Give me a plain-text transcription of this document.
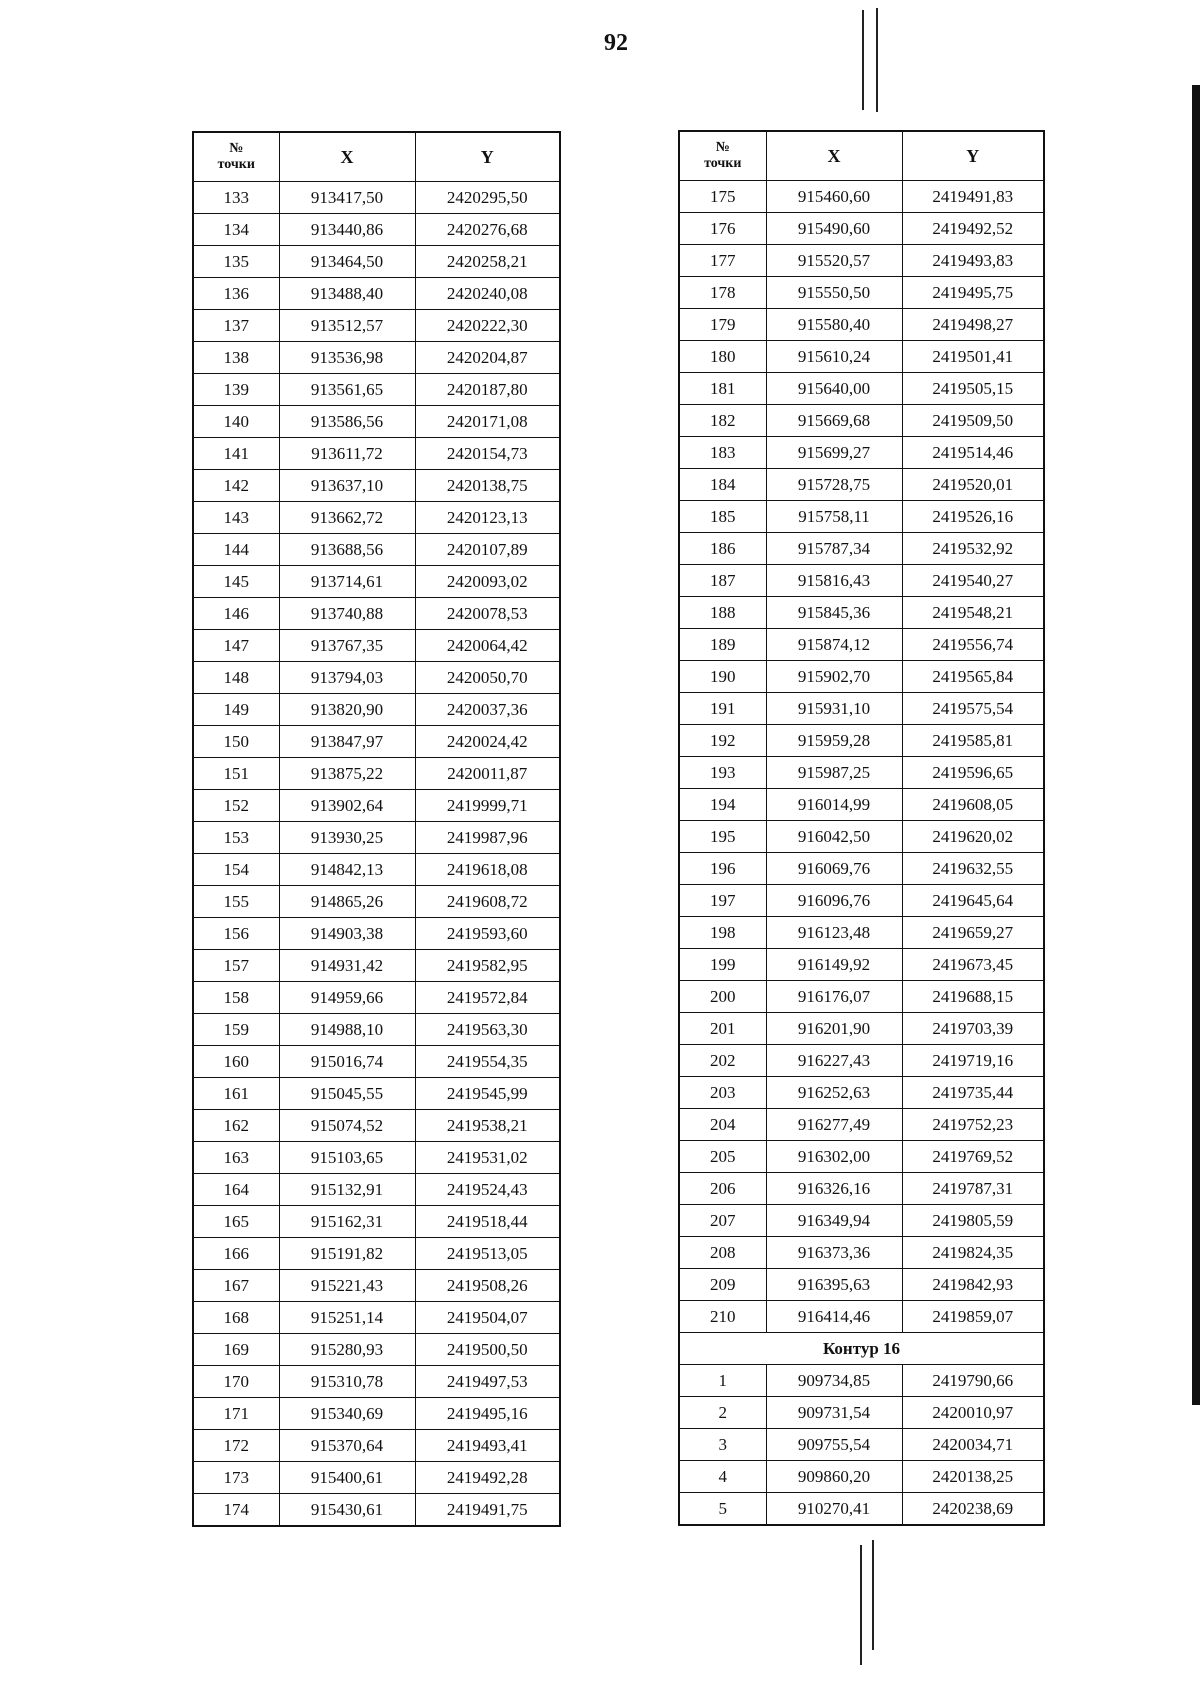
92
№
точки	X	Y
133	913417,50	2420295,50
134	913440,86	2420276,68
135	913464,50	2420258,21
136	913488,40	2420240,08
137	913512,57	2420222,30
138	913536,98	2420204,87
139	913561,65	2420187,80
140	913586,56	2420171,08
141	913611,72	2420154,73
142	913637,10	2420138,75
143	913662,72	2420123,13
144	913688,56	2420107,89
145	913714,61	2420093,02
146	913740,88	2420078,53
147	913767,35	2420064,42
148	913794,03	2420050,70
149	913820,90	2420037,36
150	913847,97	2420024,42
151	913875,22	2420011,87
152	913902,64	2419999,71
153	913930,25	2419987,96
154	914842,13	2419618,08
155	914865,26	2419608,72
156	914903,38	2419593,60
157	914931,42	2419582,95
158	914959,66	2419572,84
159	914988,10	2419563,30
160	915016,74	2419554,35
161	915045,55	2419545,99
162	915074,52	2419538,21
163	915103,65	2419531,02
164	915132,91	2419524,43
165	915162,31	2419518,44
166	915191,82	2419513,05
167	915221,43	2419508,26
168	915251,14	2419504,07
169	915280,93	2419500,50
170	915310,78	2419497,53
171	915340,69	2419495,16
172	915370,64	2419493,41
173	915400,61	2419492,28
174	915430,61	2419491,75
№
точки	X	Y
175	915460,60	2419491,83
176	915490,60	2419492,52
177	915520,57	2419493,83
178	915550,50	2419495,75
179	915580,40	2419498,27
180	915610,24	2419501,41
181	915640,00	2419505,15
182	915669,68	2419509,50
183	915699,27	2419514,46
184	915728,75	2419520,01
185	915758,11	2419526,16
186	915787,34	2419532,92
187	915816,43	2419540,27
188	915845,36	2419548,21
189	915874,12	2419556,74
190	915902,70	2419565,84
191	915931,10	2419575,54
192	915959,28	2419585,81
193	915987,25	2419596,65
194	916014,99	2419608,05
195	916042,50	2419620,02
196	916069,76	2419632,55
197	916096,76	2419645,64
198	916123,48	2419659,27
199	916149,92	2419673,45
200	916176,07	2419688,15
201	916201,90	2419703,39
202	916227,43	2419719,16
203	916252,63	2419735,44
204	916277,49	2419752,23
205	916302,00	2419769,52
206	916326,16	2419787,31
207	916349,94	2419805,59
208	916373,36	2419824,35
209	916395,63	2419842,93
210	916414,46	2419859,07
Контур 16		
1	909734,85	2419790,66
2	909731,54	2420010,97
3	909755,54	2420034,71
4	909860,20	2420138,25
5	910270,41	2420238,69
